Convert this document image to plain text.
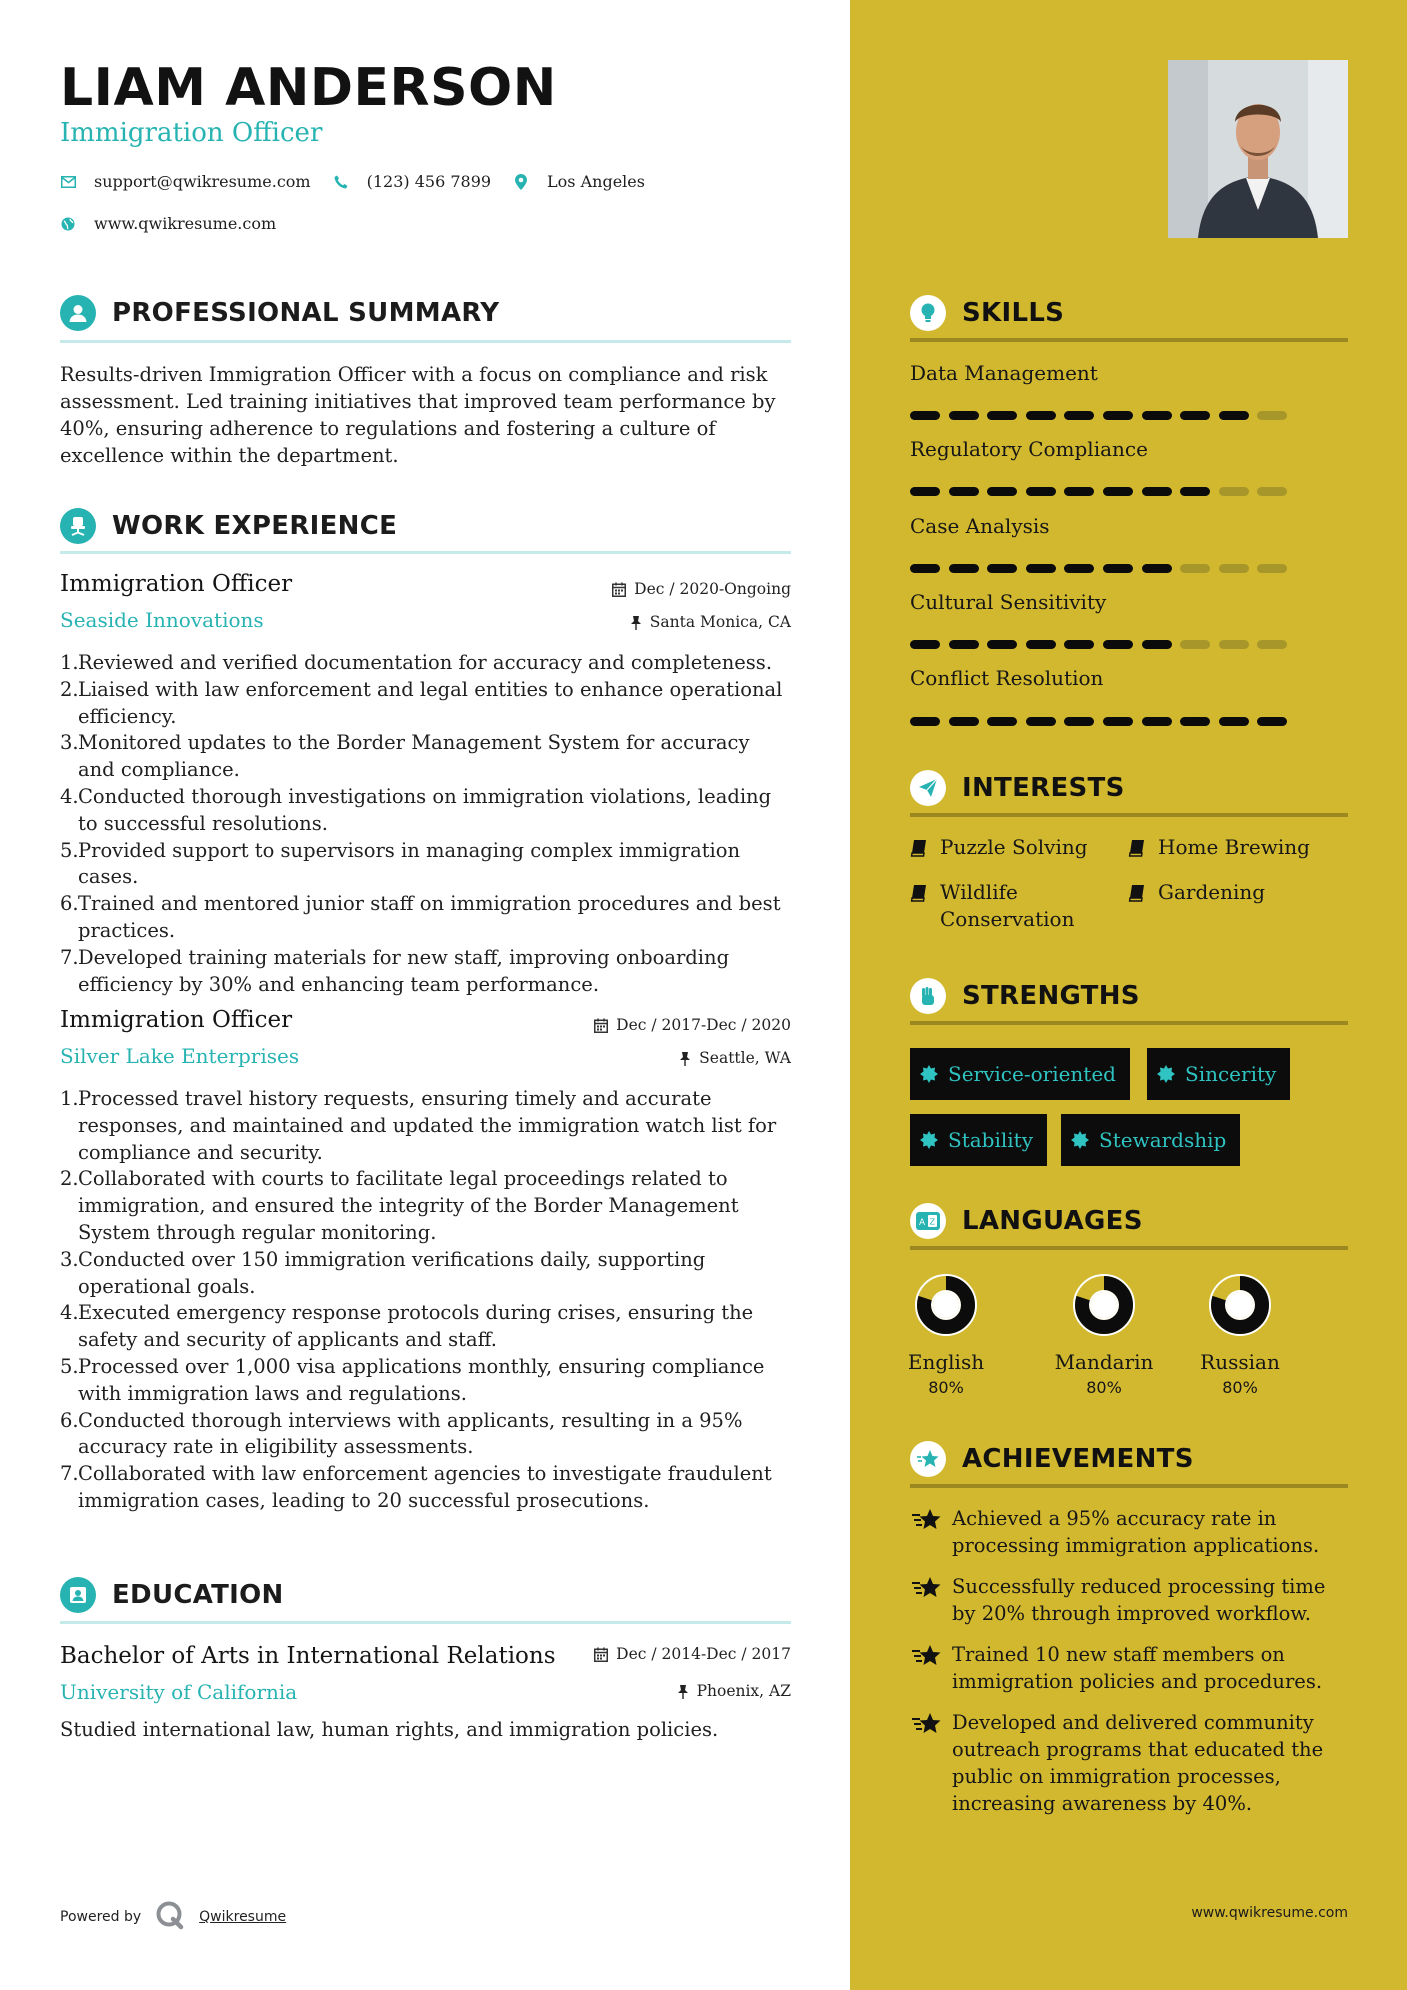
LIAM ANDERSON
Immigration Officer
support@qwikresume.com	(123) 456 7899	Los Angeles
www.qwikresume.com
PROFESSIONAL SUMMARY
Results-driven Immigration Officer with a focus on compliance and risk assessment. Led training initiatives that improved team performance by 40%, ensuring adherence to regulations and fostering a culture of excellence within the department.
WORK EXPERIENCE
Immigration Officer	Dec / 2020-Ongoing
Seaside Innovations	Santa Monica, CA
1. Reviewed and verified documentation for accuracy and completeness.
2. Liaised with law enforcement and legal entities to enhance operational efficiency.
3. Monitored updates to the Border Management System for accuracy and compliance.
4. Conducted thorough investigations on immigration violations, leading to successful resolutions.
5. Provided support to supervisors in managing complex immigration cases.
6. Trained and mentored junior staff on immigration procedures and best practices.
7. Developed training materials for new staff, improving onboarding efficiency by 30% and enhancing team performance.
Immigration Officer	Dec / 2017-Dec / 2020
Silver Lake Enterprises	Seattle, WA
1. Processed travel history requests, ensuring timely and accurate responses, and maintained and updated the immigration watch list for compliance and security.
2. Collaborated with courts to facilitate legal proceedings related to immigration, and ensured the integrity of the Border Management System through regular monitoring.
3. Conducted over 150 immigration verifications daily, supporting operational goals.
4. Executed emergency response protocols during crises, ensuring the safety and security of applicants and staff.
5. Processed over 1,000 visa applications monthly, ensuring compliance with immigration laws and regulations.
6. Conducted thorough interviews with applicants, resulting in a 95% accuracy rate in eligibility assessments.
7. Collaborated with law enforcement agencies to investigate fraudulent immigration cases, leading to 20 successful prosecutions.
EDUCATION
Bachelor of Arts in International Relations	Dec / 2014-Dec / 2017
University of California	Phoenix, AZ
Studied international law, human rights, and immigration policies.
Powered by	Qwikresume
SKILLS
Data Management
Regulatory Compliance
Case Analysis
Cultural Sensitivity
Conflict Resolution
INTERESTS
Puzzle Solving	Home Brewing
Wildlife Conservation
Gardening
STRENGTHS
Service-oriented	Sincerity
Stability	Stewardship
A Z LANGUAGES
English
80%
Mandarin
80%
Russian
80%
ACHIEVEMENTS
Achieved a 95% accuracy rate in processing immigration applications.
Successfully reduced processing time by 20% through improved workflow.
Trained 10 new staff members on immigration policies and procedures.
Developed and delivered community outreach programs that educated the public on immigration processes, increasing awareness by 40%.
www.qwikresume.com
